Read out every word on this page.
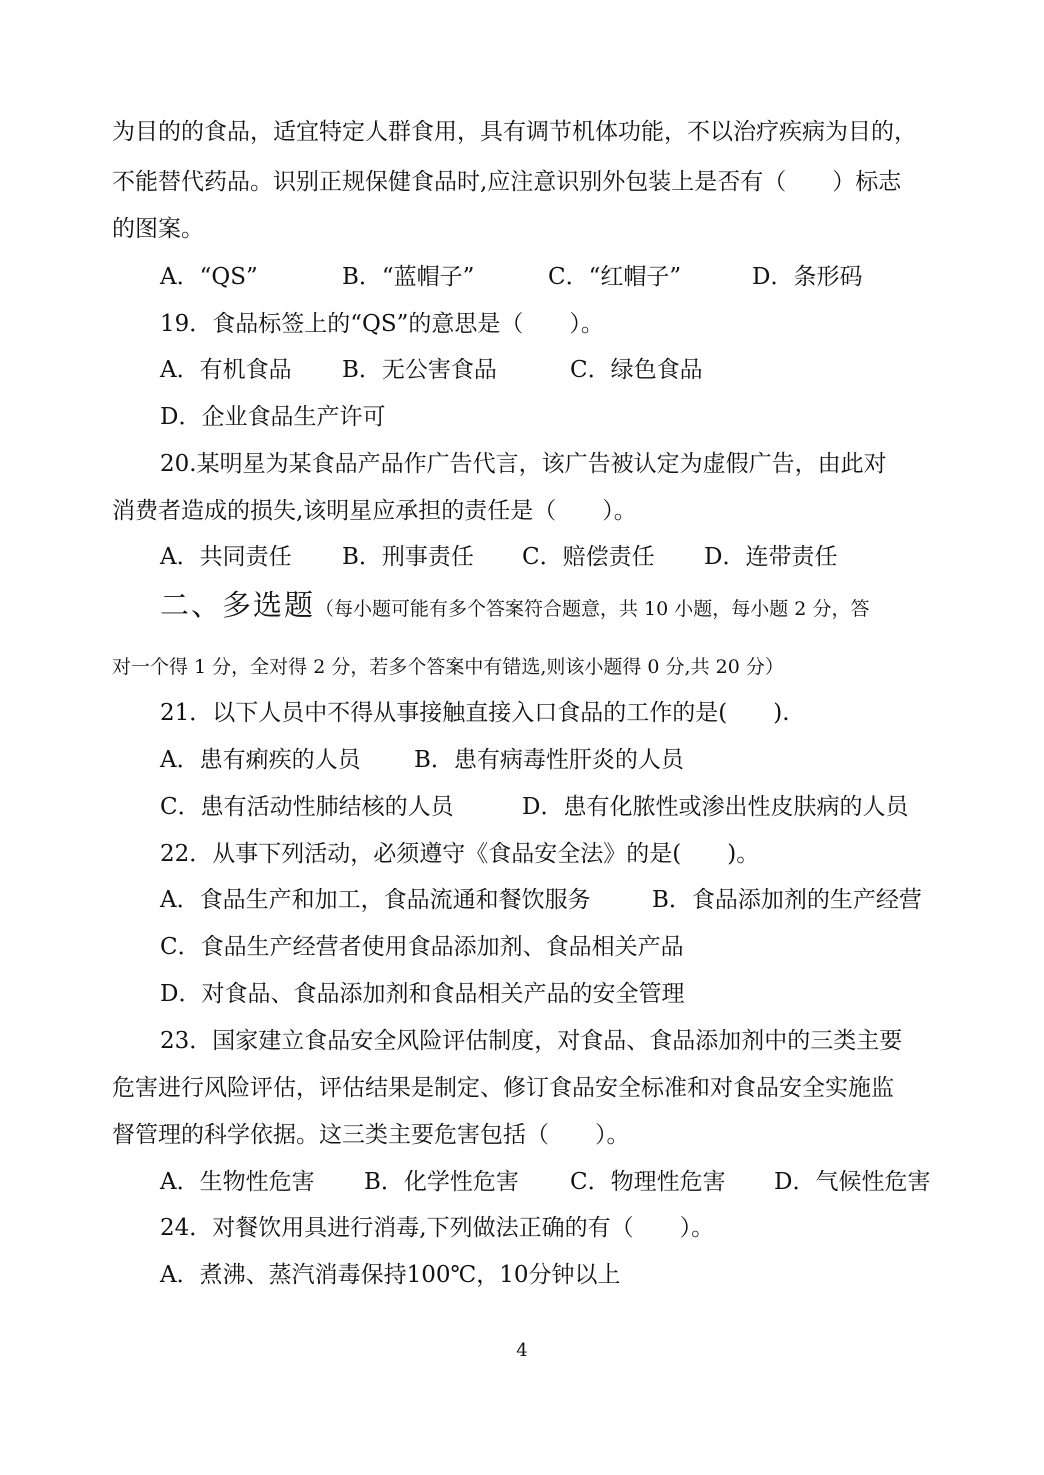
为目的的食品，适宜特定人群食用，具有调节机体功能，不以治疗疾病为目的，
不能替代药品。识别正规保健食品时,应注意识别外包装上是否有（　　）标志
的图案。
A．“QS”	B．“蓝帽子”	C．“红帽子”	D．条形码
19．食品标签上的“QS”的意思是（　　）。
A．有机食品 B．无公害食品	C．绿色食品
D．企业食品生产许可
20.某明星为某食品产品作广告代言，该广告被认定为虚假广告，由此对
消费者造成的损失,该明星应承担的责任是（　　）。
A．共同责任 B．刑事责任 C．赔偿责任 D．连带责任
二、多选题（每小题可能有多个答案符合题意，共 10 小题，每小题 2 分，答
对一个得 1 分，全对得 2 分，若多个答案中有错选,则该小题得 0 分,共 20 分）
21．以下人员中不得从事接触直接入口食品的工作的是(　　).
A．患有痢疾的人员 B．患有病毒性肝炎的人员
C．患有活动性肺结核的人员	D．患有化脓性或渗出性皮肤病的人员
22．从事下列活动，必须遵守《食品安全法》的是(　　)。
A．食品生产和加工，食品流通和餐饮服务	B．食品添加剂的生产经营
C．食品生产经营者使用食品添加剂、食品相关产品
D．对食品、食品添加剂和食品相关产品的安全管理
23．国家建立食品安全风险评估制度，对食品、食品添加剂中的三类主要
危害进行风险评估，评估结果是制定、修订食品安全标准和对食品安全实施监
督管理的科学依据。这三类主要危害包括（　　）。
A．生物性危害 B．化学性危害 C．物理性危害 D．气候性危害
24．对餐饮用具进行消毒,下列做法正确的有（　　）。
A．煮沸、蒸汽消毒保持100℃，10分钟以上
4
